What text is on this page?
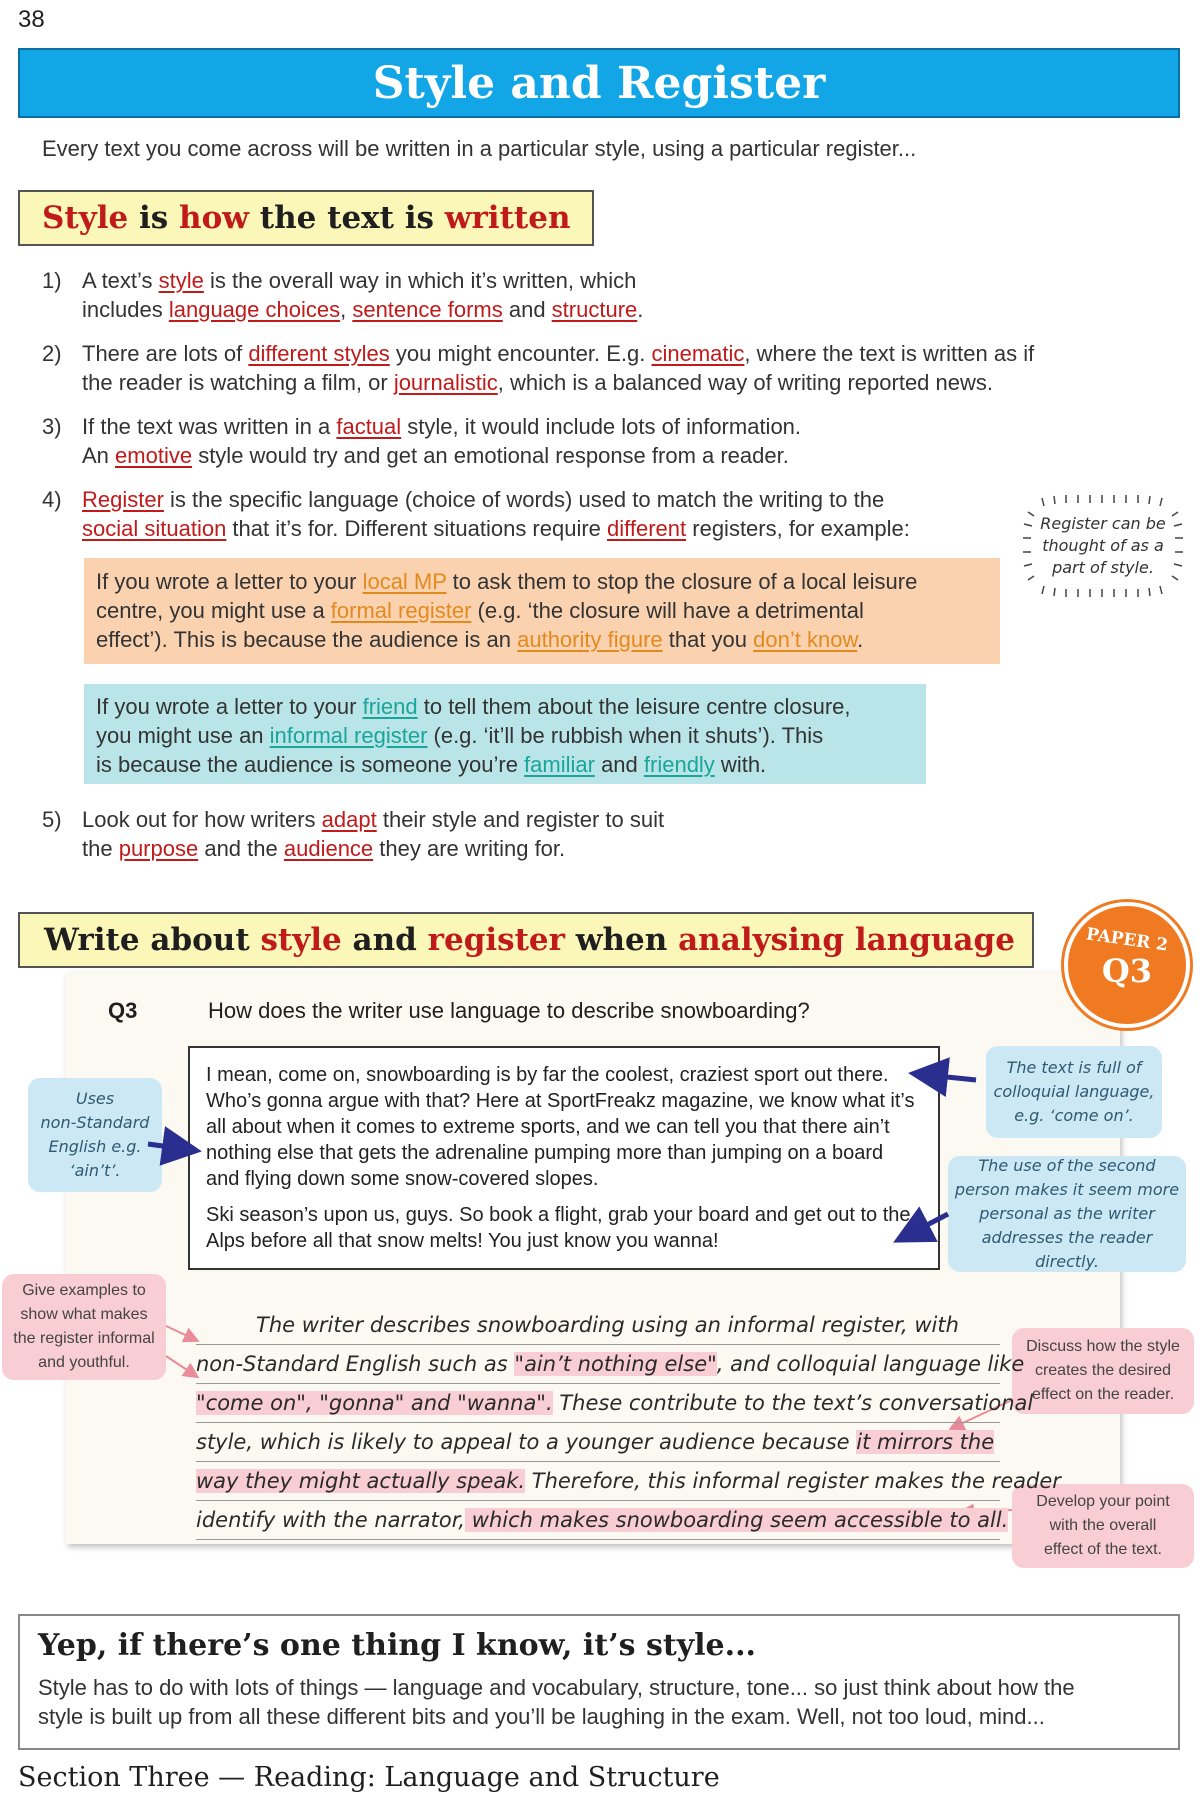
38
Style and Register
Every text you come across will be written in a particular style, using a particular register...
Style is how the text is written
1) A text’s style is the overall way in which it’s written, which
includes language choices, sentence forms and structure.
2) There are lots of different styles you might encounter. E.g. cinematic, where the text is written as if
the reader is watching a film, or journalistic, which is a balanced way of writing reported news.
3) If the text was written in a factual style, it would include lots of information.
An emotive style would try and get an emotional response from a reader.
4) Register is the specific language (choice of words) used to match the writing to the
social situation that it’s for. Different situations require different registers, for example:	Register can be
thought of as a
part of style.
If you wrote a letter to your local MP to ask them to stop the closure of a local leisure
centre, you might use a formal register (e.g. ‘the closure will have a detrimental
effect’). This is because the audience is an authority figure that you don’t know.
If you wrote a letter to your friend to tell them about the leisure centre closure,
you might use an informal register (e.g. ‘it’ll be rubbish when it shuts’). This
is because the audience is someone you’re familiar and friendly with.
5) Look out for how writers adapt their style and register to suit
the purpose and the audience they are writing for.
Write about style and register when analysing language	PAPER 2
Q3
Q3	How does the writer use language to describe snowboarding?

I mean, come on, snowboarding is by far the coolest, craziest sport out there. Who’s gonna argue with that? Here at SportFreakz magazine, we know what it’s all about when it comes to extreme sports, and we can tell you that there ain’t nothing else that gets the adrenaline pumping more than jumping on a board and flying down some snow-covered slopes.

Ski season’s upon us, guys. So book a flight, grab your board and get out to the Alps before all that snow melts! You just know you wanna!

Uses
non-Standard
English e.g.
‘ain’t’.
The text is full of
colloquial language,
e.g. ‘come on’.
The use of the second
person makes it seem more
personal as the writer
addresses the reader directly.
Give examples to
show what makes
the register informal
and youthful.
Discuss how the style
creates the desired
effect on the reader.
Develop your point
with the overall
effect of the text.
The writer describes snowboarding using an informal register, with
non-Standard English such as "ain’t nothing else", and colloquial language like
"come on", "gonna" and "wanna". These contribute to the text’s conversational
style, which is likely to appeal to a younger audience because it mirrors the
way they might actually speak. Therefore, this informal register makes the reader
identify with the narrator, which makes snowboarding seem accessible to all.
Yep, if there’s one thing I know, it’s style...
Style has to do with lots of things — language and vocabulary, structure, tone... so just think about how the
style is built up from all these different bits and you’ll be laughing in the exam. Well, not too loud, mind...
Section Three — Reading: Language and Structure
